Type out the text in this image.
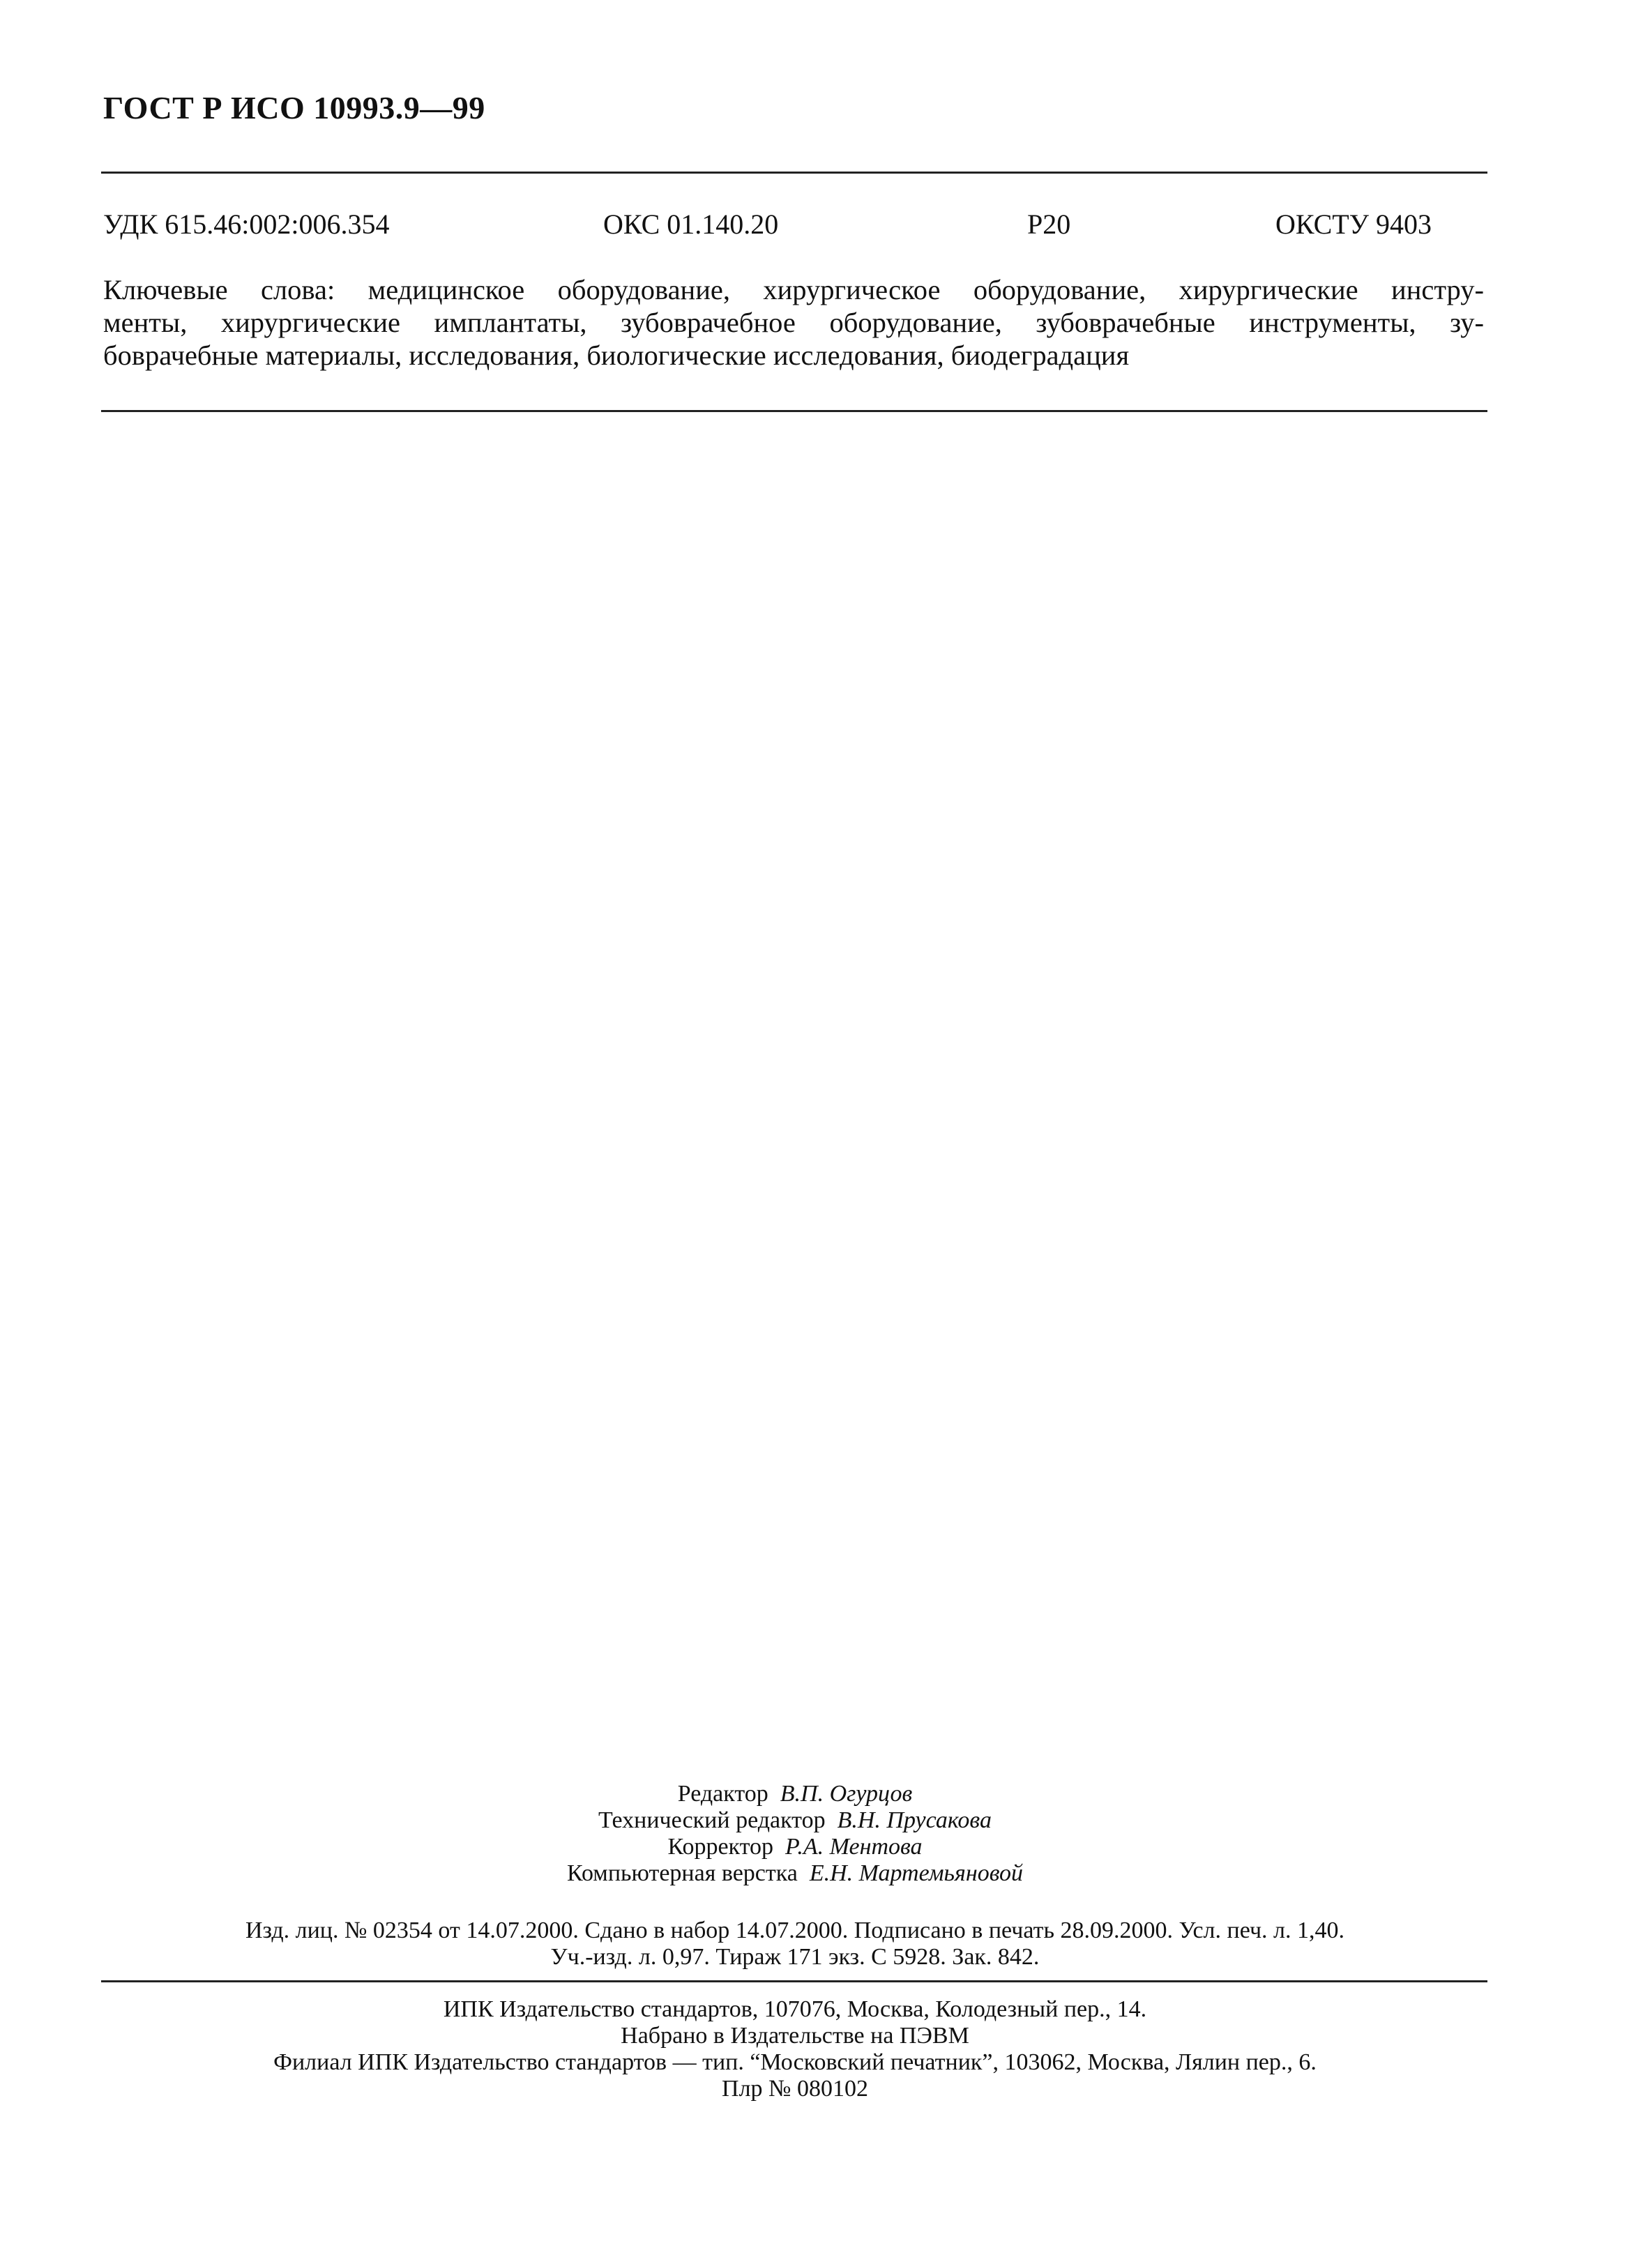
ГОСТ Р ИСО 10993.9—99
УДК 615.46:002:006.354	ОКС 01.140.20	Р20	ОКСТУ 9403
Ключевые слова: медицинское оборудование, хирургическое оборудование, хирургические инстру-
менты, хирургические имплантаты, зубоврачебное оборудование, зубоврачебные инструменты, зу-
боврачебные материалы, исследования, биологические исследования, биодеградация
Редактор В.П. Огурцов
Технический редактор В.Н. Прусакова
Корректор Р.А. Ментова
Компьютерная верстка Е.Н. Мартемьяновой
Изд. лиц. № 02354 от 14.07.2000. Сдано в набор 14.07.2000. Подписано в печать 28.09.2000. Усл. печ. л. 1,40.
Уч.-изд. л. 0,97. Тираж 171 экз. С 5928. Зак. 842.
ИПК Издательство стандартов, 107076, Москва, Колодезный пер., 14.
Набрано в Издательстве на ПЭВМ
Филиал ИПК Издательство стандартов — тип. “Московский печатник”, 103062, Москва, Лялин пер., 6.
Плр № 080102
